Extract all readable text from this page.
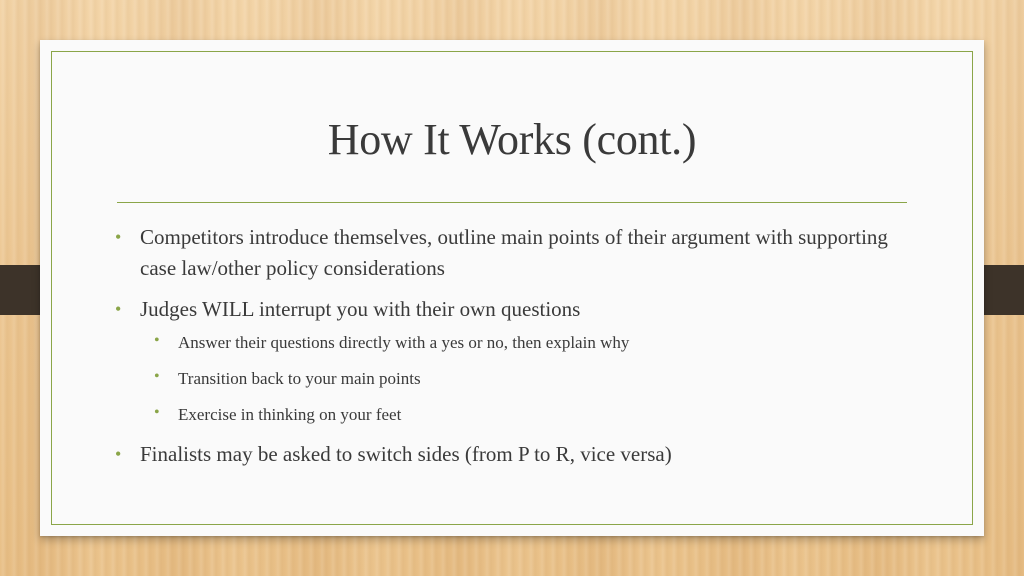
How It Works (cont.)
• Competitors introduce themselves, outline main points of their argument with supporting case law/other policy considerations
• Judges WILL interrupt you with their own questions
• Answer their questions directly with a yes or no, then explain why
• Transition back to your main points
• Exercise in thinking on your feet
• Finalists may be asked to switch sides (from P to R, vice versa)
